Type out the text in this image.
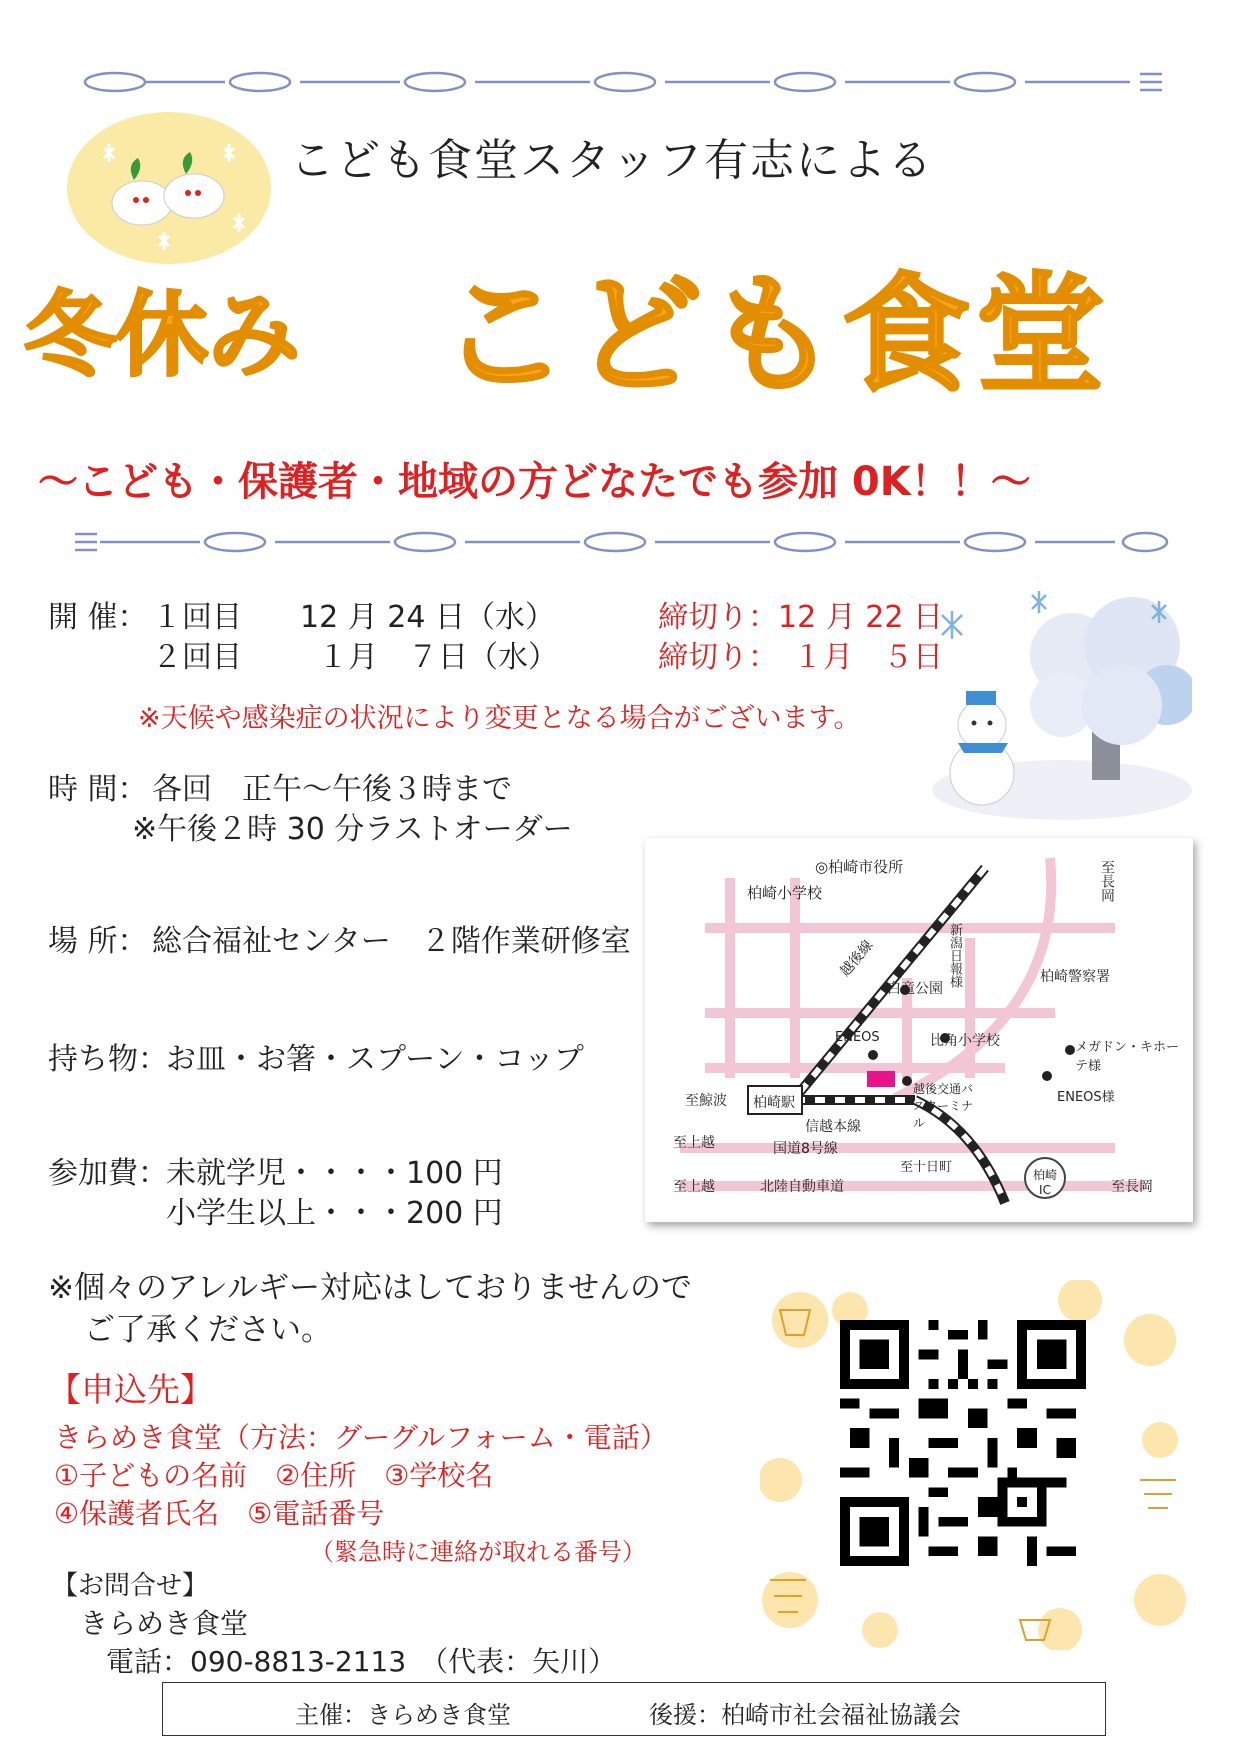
こども食堂スタッフ有志による
冬休み こども食堂
～こども・保護者・地域の方どなたでも参加 0K！！～
開 催： １回目 12 月 24 日（水）	締切り：12 月 22 日
２回目	１月　７日（水）	締切り：　１月　５日
※天候や感染症の状況により変更となる場合がございます。
時 間： 各回　正午～午後３時まで
※午後２時 30 分ラストオーダー
場 所： 総合福祉センター　２階作業研修室
持ち物：
お皿・お箸・スプーン・コップ
参加費：
未就学児・・・・100 円
小学生以上・・・200 円
◎柏崎市役所
柏崎小学校	至長岡
新潟日報様
越後線
白竜公園
柏崎警察署
ENEOS	比角小学校	メガドン・キホーテ様
至鯨波 柏崎駅
越後交通バスターミナル
ENEOS様
信越本線
至上越	国道8号線
至十日町
至上越	北陸自動車道
柏崎IC	至長岡
※個々のアレルギー対応はしておりませんので
ご了承ください。
【申込先】
きらめき食堂（方法：グーグルフォーム・電話）
①子どもの名前　②住所　③学校名
④保護者氏名　⑤電話番号
（緊急時に連絡が取れる番号）
【お問合せ】
きらめき食堂
電話：090-8813-2113　（代表：矢川）
主催：きらめき食堂	後援：柏崎市社会福祉協議会
